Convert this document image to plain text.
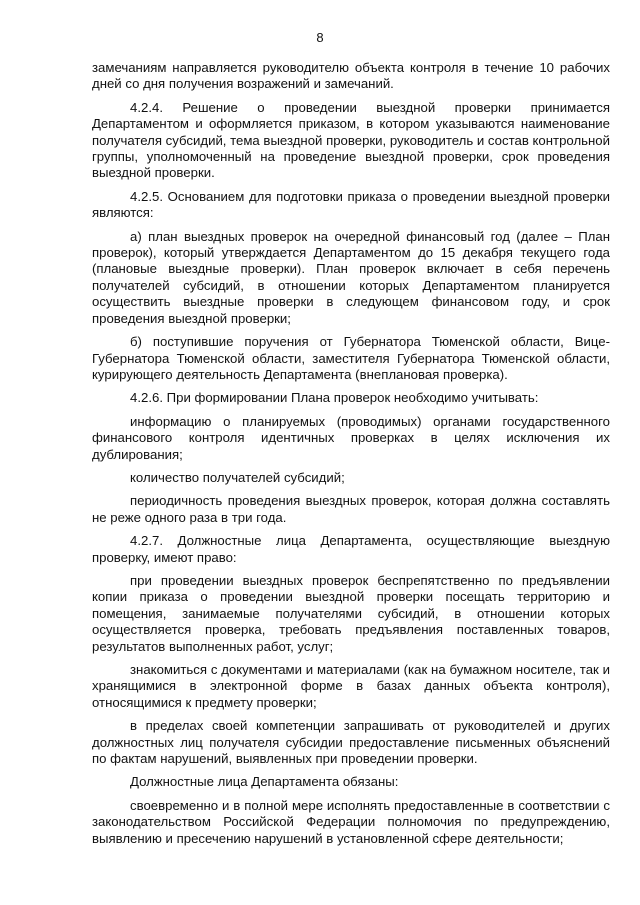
8

замечаниям направляется руководителю объекта контроля в течение 10 рабочих дней со дня получения возражений и замечаний.

4.2.4. Решение о проведении выездной проверки принимается Департаментом и оформляется приказом, в котором указываются наименование получателя субсидий, тема выездной проверки, руководитель и состав контрольной группы, уполномоченный на проведение выездной проверки, срок проведения выездной проверки.

4.2.5. Основанием для подготовки приказа о проведении выездной проверки являются:

а) план выездных проверок на очередной финансовый год (далее – План проверок), который утверждается Департаментом до 15 декабря текущего года (плановые выездные проверки). План проверок включает в себя перечень получателей субсидий, в отношении которых Департаментом планируется осуществить выездные проверки в следующем финансовом году, и срок проведения выездной проверки;

б) поступившие поручения от Губернатора Тюменской области, Вице-Губернатора Тюменской области, заместителя Губернатора Тюменской области, курирующего деятельность Департамента (внеплановая проверка).

4.2.6. При формировании Плана проверок необходимо учитывать:

информацию о планируемых (проводимых) органами государственного финансового контроля идентичных проверках в целях исключения их дублирования;

количество получателей субсидий;

периодичность проведения выездных проверок, которая должна составлять не реже одного раза в три года.

4.2.7. Должностные лица Департамента, осуществляющие выездную проверку, имеют право:

при проведении выездных проверок беспрепятственно по предъявлении копии приказа о проведении выездной проверки посещать территорию и помещения, занимаемые получателями субсидий, в отношении которых осуществляется проверка, требовать предъявления поставленных товаров, результатов выполненных работ, услуг;

знакомиться с документами и материалами (как на бумажном носителе, так и хранящимися в электронной форме в базах данных объекта контроля), относящимися к предмету проверки;

в пределах своей компетенции запрашивать от руководителей и других должностных лиц получателя субсидии предоставление письменных объяснений по фактам нарушений, выявленных при проведении проверки.

Должностные лица Департамента обязаны:

своевременно и в полной мере исполнять предоставленные в соответствии с законодательством Российской Федерации полномочия по предупреждению, выявлению и пресечению нарушений в установленной сфере деятельности;
